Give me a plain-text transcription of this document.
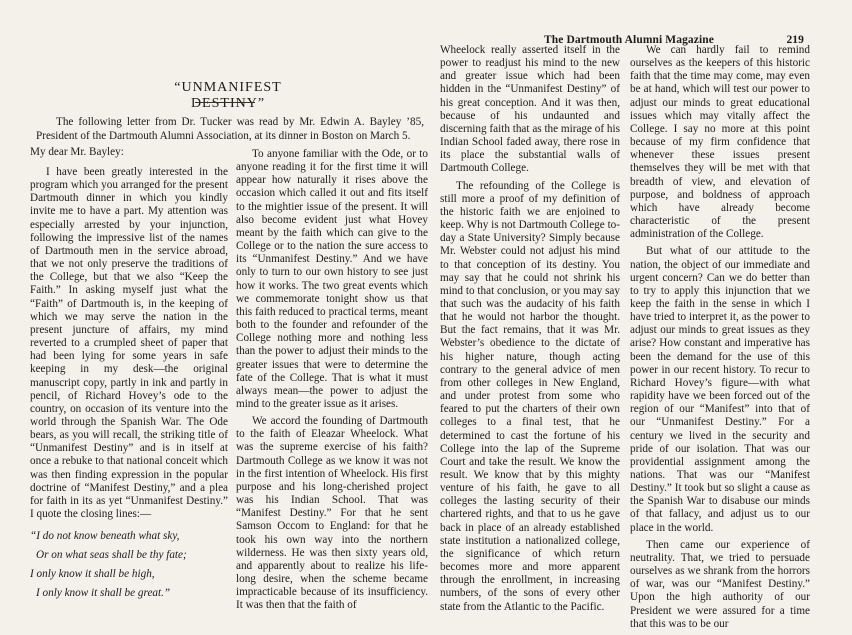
The Dartmouth Alumni Magazine	219
“UNMANIFEST DESTINY”
The following letter from Dr. Tucker was read by Mr. Edwin A. Bayley ’85, President of the Dartmouth Alumni Association, at its dinner in Boston on March 5.
My dear Mr. Bayley:

I have been greatly interested in the program which you arranged for the present Dartmouth dinner in which you kindly invite me to have a part. My attention was especially arrested by your injunction, following the impressive list of the names of Dartmouth men in the service abroad, that we not only preserve the traditions of the College, but that we also “Keep the Faith.” In asking myself just what the “Faith” of Dartmouth is, in the keeping of which we may serve the nation in the present juncture of affairs, my mind reverted to a crumpled sheet of paper that had been lying for some years in safe keeping in my desk—the original manuscript copy, partly in ink and partly in pencil, of Richard Hovey’s ode to the country, on occasion of its venture into the world through the Spanish War. The Ode bears, as you will recall, the striking title of “Unmanifest Destiny” and is in itself at once a rebuke to that national conceit which was then finding expression in the popular doctrine of “Manifest Destiny,” and a plea for faith in its as yet “Unmanifest Destiny.” I quote the closing lines:—

“I do not know beneath what sky,
Or on what seas shall be thy fate;
I only know it shall be high,
I only know it shall be great.”

To anyone familiar with the Ode, or to anyone reading it for the first time it will appear how naturally it rises above the occasion which called it out and fits itself to the mightier issue of the present. It will also become evident just what Hovey meant by the faith which can give to the College or to the nation the sure access to its “Unmanifest Destiny.” And we have only to turn to our own history to see just how it works. The two great events which we commemorate tonight show us that this faith reduced to practical terms, meant both to the founder and refounder of the College nothing more and nothing less than the power to adjust their minds to the greater issues that were to determine the fate of the College. That is what it must always mean—the power to adjust the mind to the greater issue as it arises.

We accord the founding of Dartmouth to the faith of Eleazar Wheelock. What was the supreme exercise of his faith? Dartmouth College as we know it was not in the first intention of Wheelock. His first purpose and his long-cherished project was his Indian School. That was “Manifest Destiny.” For that he sent Samson Occom to England: for that he took his own way into the northern wilderness. He was then sixty years old, and apparently about to realize his life-long desire, when the scheme became impracticable because of its insufficiency. It was then that the faith of

Wheelock really asserted itself in the power to readjust his mind to the new and greater issue which had been hidden in the “Unmanifest Destiny” of his great conception. And it was then, because of his undaunted and discerning faith that as the mirage of his Indian School faded away, there rose in its place the substantial walls of Dartmouth College.

The refounding of the College is still more a proof of my definition of the historic faith we are enjoined to keep. Why is not Dartmouth College to-day a State University? Simply because Mr. Webster could not adjust his mind to that conception of its destiny. You may say that he could not shrink his mind to that conclusion, or you may say that such was the audacity of his faith that he would not harbor the thought. But the fact remains, that it was Mr. Webster’s obedience to the dictate of his higher nature, though acting contrary to the general advice of men from other colleges in New England, and under protest from some who feared to put the charters of their own colleges to a final test, that he determined to cast the fortune of his College into the lap of the Supreme Court and take the result. We know the result. We know that by this mighty venture of his faith, he gave to all colleges the lasting security of their chartered rights, and that to us he gave back in place of an already established state institution a nationalized college, the significance of which return becomes more and more apparent through the enrollment, in increasing numbers, of the sons of every other state from the Atlantic to the Pacific.

We can hardly fail to remind ourselves as the keepers of this historic faith that the time may come, may even be at hand, which will test our power to adjust our minds to great educational issues which may vitally affect the College. I say no more at this point because of my firm confidence that whenever these issues present themselves they will be met with that breadth of view, and elevation of purpose, and boldness of approach which have already become characteristic of the present administration of the College.

But what of our attitude to the nation, the object of our immediate and urgent concern? Can we do better than to try to apply this injunction that we keep the faith in the sense in which I have tried to interpret it, as the power to adjust our minds to great issues as they arise? How constant and imperative has been the demand for the use of this power in our recent history. To recur to Richard Hovey’s figure—with what rapidity have we been forced out of the region of our “Manifest” into that of our “Unmanifest Destiny.” For a century we lived in the security and pride of our isolation. That was our providential assignment among the nations. That was our “Manifest Destiny.” It took but so slight a cause as the Spanish War to disabuse our minds of that fallacy, and adjust us to our place in the world.

Then came our experience of neutrality. That, we tried to persuade ourselves as we shrank from the horrors of war, was our “Manifest Destiny.” Upon the high authority of our President we were assured for a time that this was to be our
